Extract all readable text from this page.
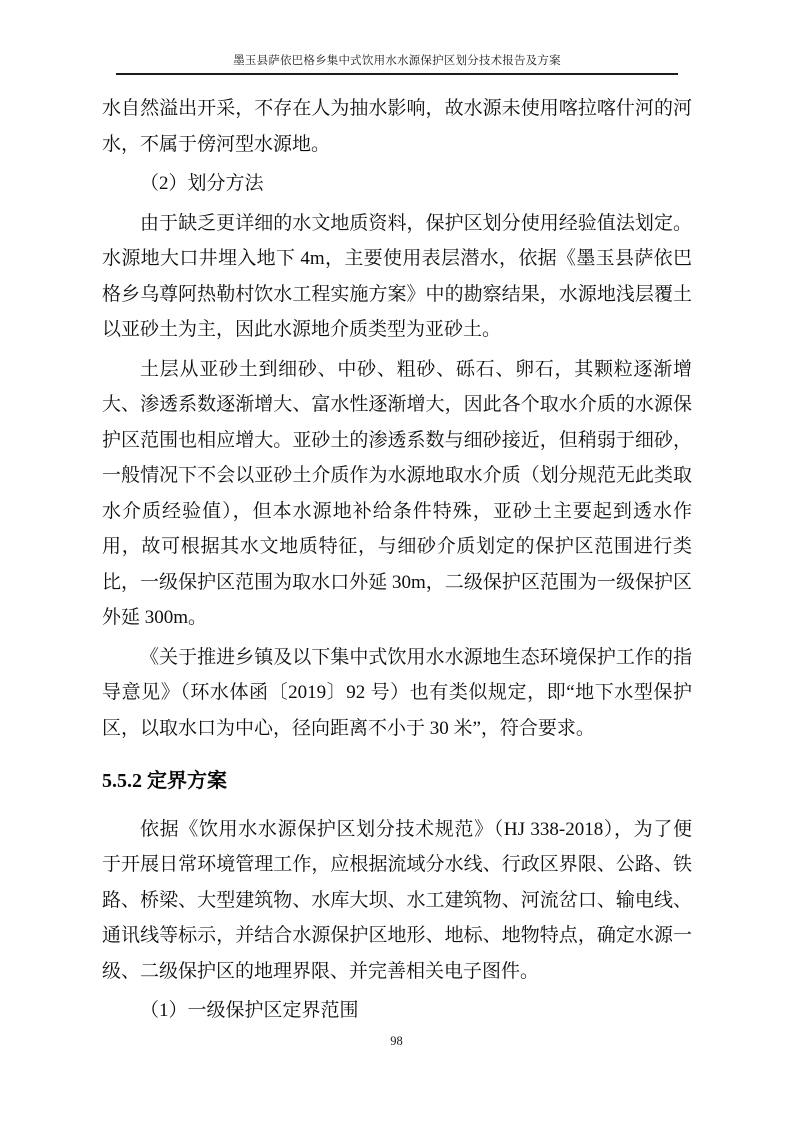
墨玉县萨依巴格乡集中式饮用水水源保护区划分技术报告及方案

水自然溢出开采，不存在人为抽水影响，故水源未使用喀拉喀什河的河水，不属于傍河型水源地。

（2）划分方法

由于缺乏更详细的水文地质资料，保护区划分使用经验值法划定。水源地大口井埋入地下 4m，主要使用表层潜水，依据《墨玉县萨依巴格乡乌尊阿热勒村饮水工程实施方案》中的勘察结果，水源地浅层覆土以亚砂土为主，因此水源地介质类型为亚砂土。

土层从亚砂土到细砂、中砂、粗砂、砾石、卵石，其颗粒逐渐增大、渗透系数逐渐增大、富水性逐渐增大，因此各个取水介质的水源保护区范围也相应增大。亚砂土的渗透系数与细砂接近，但稍弱于细砂，一般情况下不会以亚砂土介质作为水源地取水介质（划分规范无此类取水介质经验值），但本水源地补给条件特殊，亚砂土主要起到透水作用，故可根据其水文地质特征，与细砂介质划定的保护区范围进行类比，一级保护区范围为取水口外延 30m，二级保护区范围为一级保护区外延 300m。

《关于推进乡镇及以下集中式饮用水水源地生态环境保护工作的指导意见》（环水体函〔2019〕92 号）也有类似规定，即“地下水型保护区，以取水口为中心，径向距离不小于 30 米”，符合要求。

5.5.2 定界方案

依据《饮用水水源保护区划分技术规范》（HJ 338-2018），为了便于开展日常环境管理工作，应根据流域分水线、行政区界限、公路、铁路、桥梁、大型建筑物、水库大坝、水工建筑物、河流岔口、输电线、通讯线等标示，并结合水源保护区地形、地标、地物特点，确定水源一级、二级保护区的地理界限、并完善相关电子图件。

（1）一级保护区定界范围

98
